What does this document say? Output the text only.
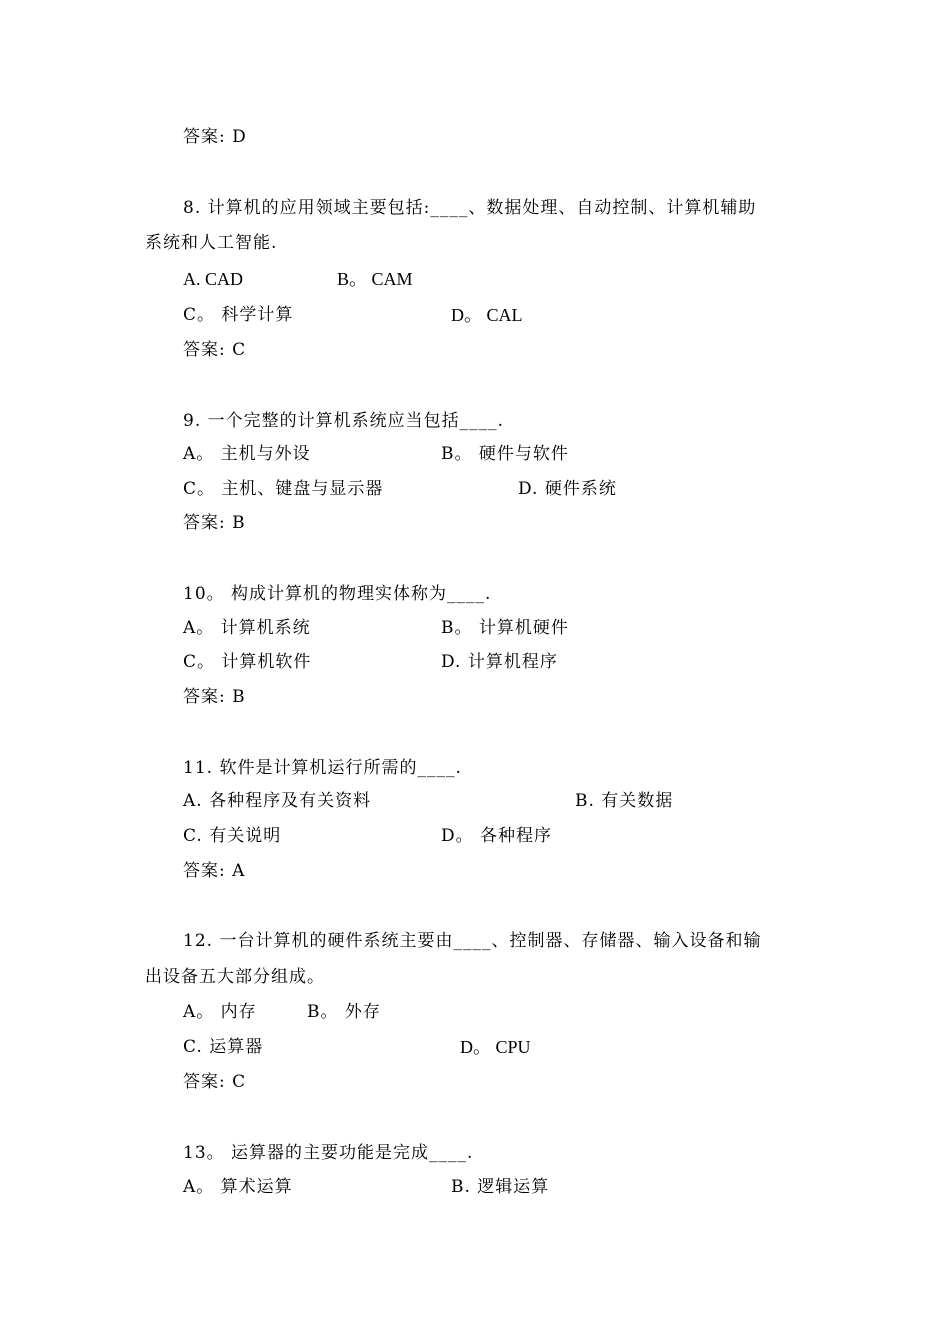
答案: D
8. 计算机的应用领域主要包括:____、数据处理、自动控制、计算机辅助
系统和人工智能.
A. CAD	B。 CAM
C。 科学计算	D。 CAL
答案: C
9. 一个完整的计算机系统应当包括____.
A。 主机与外设	B。 硬件与软件
C。 主机、键盘与显示器	D. 硬件系统
答案: B
10。 构成计算机的物理实体称为____.
A。 计算机系统	B。 计算机硬件
C。 计算机软件	D. 计算机程序
答案: B
11. 软件是计算机运行所需的____.
A. 各种程序及有关资料	B. 有关数据
C. 有关说明	D。 各种程序
答案: A
12. 一台计算机的硬件系统主要由____、控制器、存储器、输入设备和输
出设备五大部分组成。
A。 内存	B。 外存
C. 运算器	D。 CPU
答案: C
13。 运算器的主要功能是完成____.
A。 算术运算	B. 逻辑运算
